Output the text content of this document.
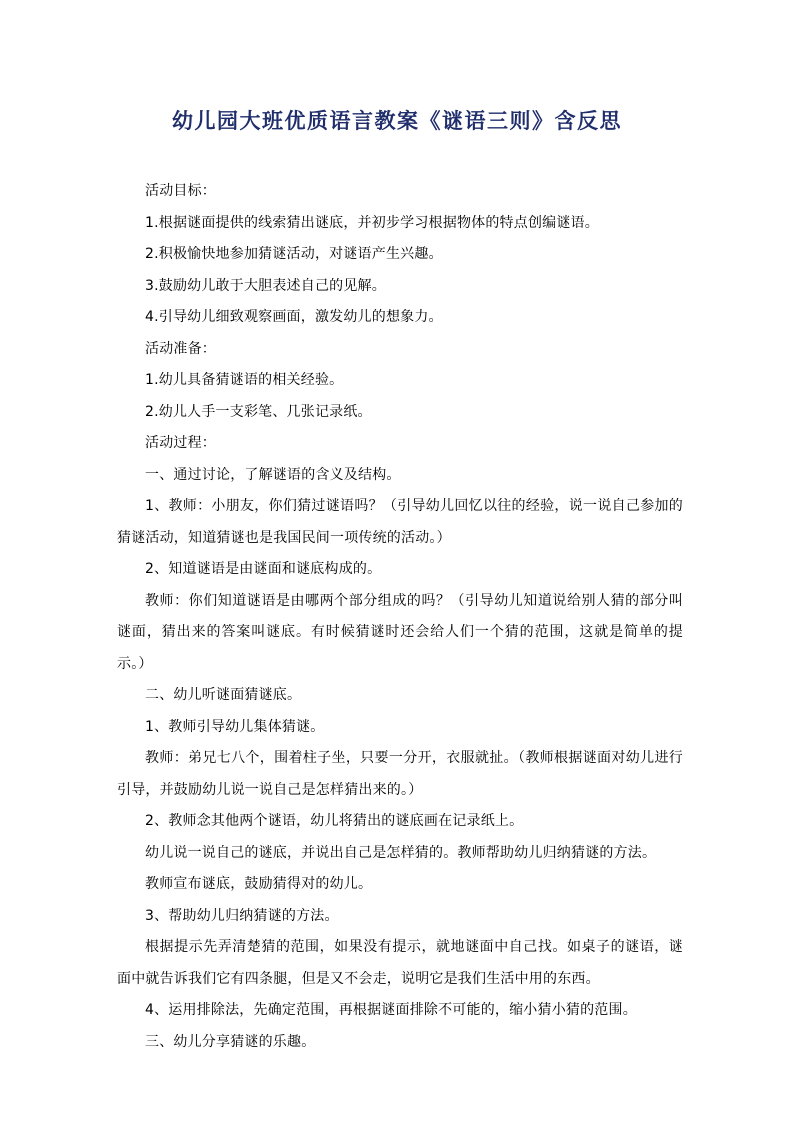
幼儿园大班优质语言教案《谜语三则》含反思

活动目标：

1.根据谜面提供的线索猜出谜底，并初步学习根据物体的特点创编谜语。

2.积极愉快地参加猜谜活动，对谜语产生兴趣。

3.鼓励幼儿敢于大胆表述自己的见解。

4.引导幼儿细致观察画面，激发幼儿的想象力。

活动准备：

1.幼儿具备猜谜语的相关经验。

2.幼儿人手一支彩笔、几张记录纸。

活动过程：

一、通过讨论，了解谜语的含义及结构。

1、教师：小朋友，你们猜过谜语吗？（引导幼儿回忆以往的经验，说一说自己参加的猜谜活动，知道猜谜也是我国民间一项传统的活动。）

2、知道谜语是由谜面和谜底构成的。

教师：你们知道谜语是由哪两个部分组成的吗？（引导幼儿知道说给别人猜的部分叫谜面，猜出来的答案叫谜底。有时候猜谜时还会给人们一个猜的范围，这就是简单的提示。）

二、幼儿听谜面猜谜底。

1、教师引导幼儿集体猜谜。

教师：弟兄七八个，围着柱子坐，只要一分开，衣服就扯。（教师根据谜面对幼儿进行引导，并鼓励幼儿说一说自己是怎样猜出来的。）

2、教师念其他两个谜语，幼儿将猜出的谜底画在记录纸上。

幼儿说一说自己的谜底，并说出自己是怎样猜的。教师帮助幼儿归纳猜谜的方法。

教师宣布谜底，鼓励猜得对的幼儿。

3、帮助幼儿归纳猜谜的方法。

根据提示先弄清楚猜的范围，如果没有提示，就地谜面中自己找。如桌子的谜语，谜面中就告诉我们它有四条腿，但是又不会走，说明它是我们生活中用的东西。

4、运用排除法，先确定范围，再根据谜面排除不可能的，缩小猜小猜的范围。

三、幼儿分享猜谜的乐趣。
